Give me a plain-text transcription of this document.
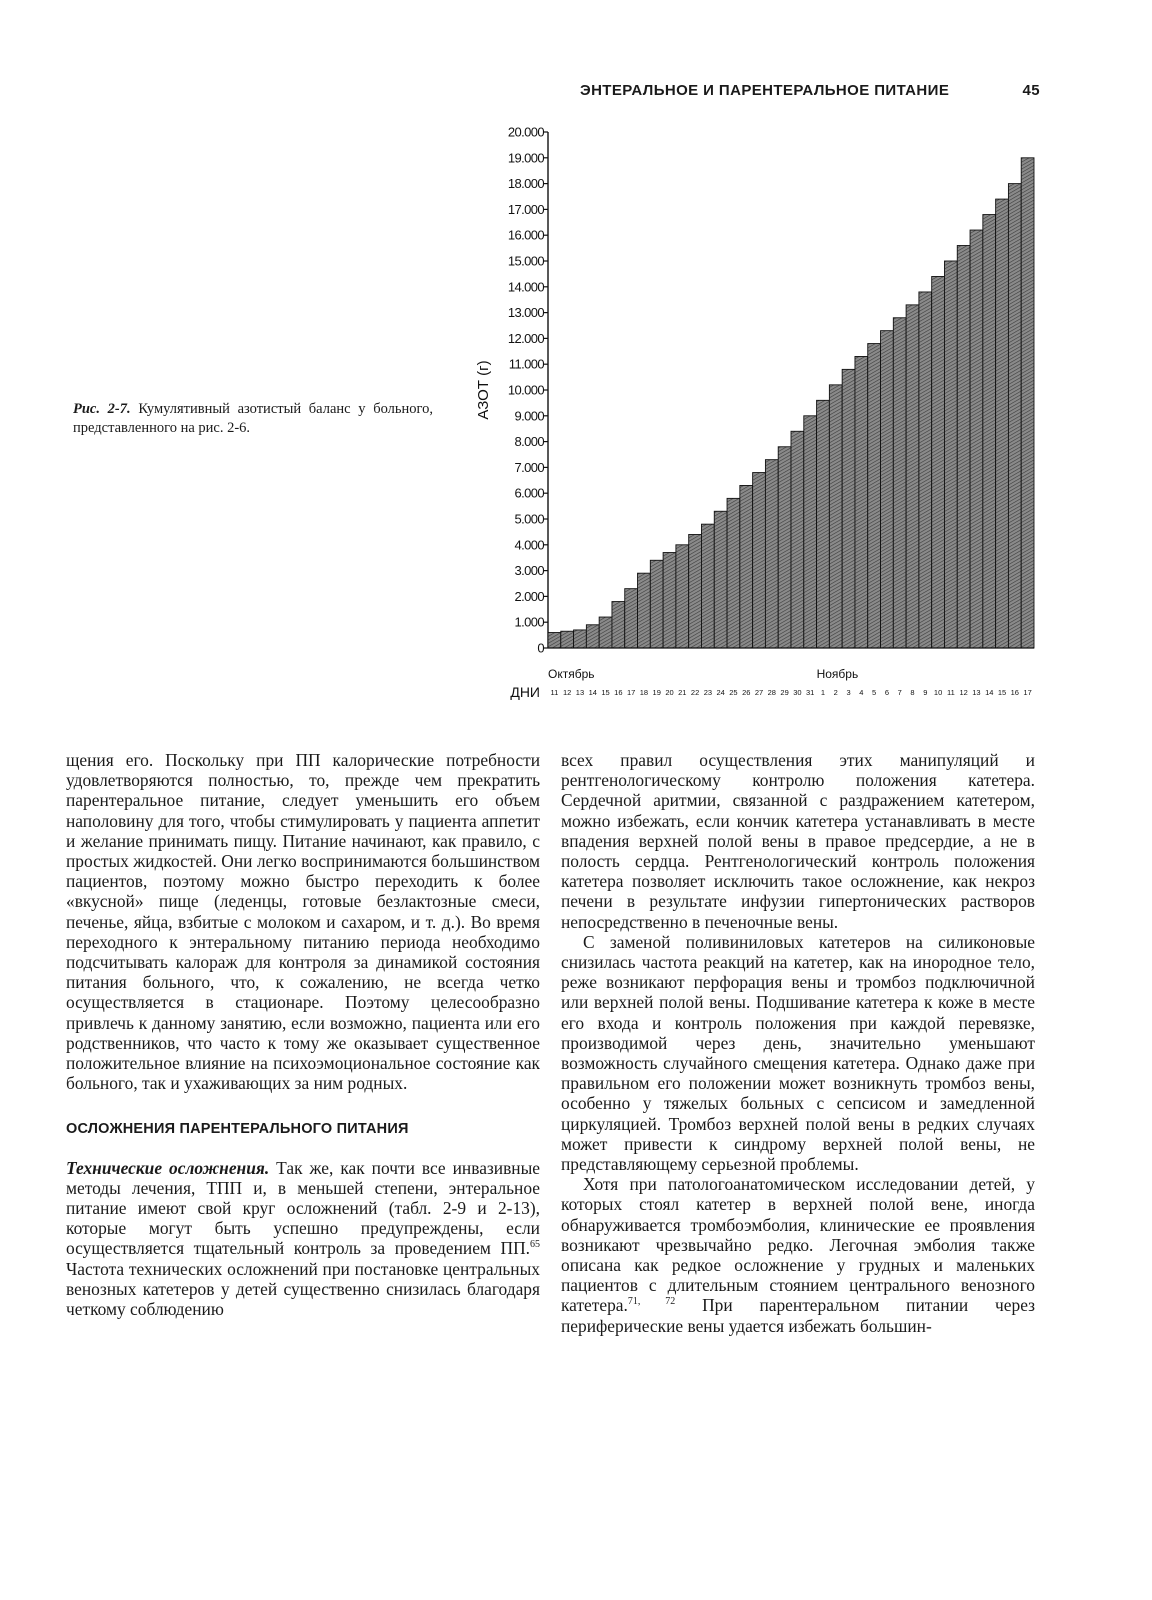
ЭНТЕРАЛЬНОЕ И ПАРЕНТЕРАЛЬНОЕ ПИТАНИЕ	45
Рис. 2-7. Кумулятивный азотистый баланс у больного, представленного на рис. 2-6.
0
1.000
2.000
3.000
4.000
5.000
6.000
7.000
8.000
9.000
10.000
11.000
12.000
13.000
14.000
15.000
16.000
17.000
18.000
19.000
20.000
АЗОТ (г)
Октябрь	Ноябрь
ДНИ 11 12 13 14 15 16 17 18 19 20 21 22 23 24 25 26 27 28 29 30 31 1 2 3 4 5 6 7 8 9 10 11 12 13 14 15 16 17

щения его. Поскольку при ПП калорические потребности удовлетворяются полностью, то, прежде чем прекратить парентеральное питание, следует уменьшить его объем наполовину для того, чтобы стимулировать у пациента аппетит и желание принимать пищу. Питание начинают, как правило, с простых жидкостей. Они легко воспринимаются большинством пациентов, поэтому можно быстро переходить к более «вкусной» пище (леденцы, готовые безлактозные смеси, печенье, яйца, взбитые с молоком и сахаром, и т. д.). Во время переходного к энтеральному питанию периода необходимо подсчитывать калораж для контроля за динамикой состояния питания больного, что, к сожалению, не всегда четко осуществляется в стационаре. Поэтому целесообразно привлечь к данному занятию, если возможно, пациента или его родственников, что часто к тому же оказывает существенное положительное влияние на психоэмоциональное состояние как больного, так и ухаживающих за ним родных.

ОСЛОЖНЕНИЯ ПАРЕНТЕРАЛЬНОГО ПИТАНИЯ

Технические осложнения. Так же, как почти все инвазивные методы лечения, ТПП и, в меньшей степени, энтеральное питание имеют свой круг осложнений (табл. 2-9 и 2-13), которые могут быть успешно предупреждены, если осуществляется тщательный контроль за проведением ПП.$^{65}$ Частота технических осложнений при постановке центральных венозных катетеров у детей существенно снизилась благодаря четкому соблюдению

всех правил осуществления этих манипуляций и рентгенологическому контролю положения катетера. Сердечной аритмии, связанной с раздражением катетером, можно избежать, если кончик катетера устанавливать в месте впадения верхней полой вены в правое предсердие, а не в полость сердца. Рентгенологический контроль положения катетера позволяет исключить такое осложнение, как некроз печени в результате инфузии гипертонических растворов непосредственно в печеночные вены.

С заменой поливиниловых катетеров на силиконовые снизилась частота реакций на катетер, как на инородное тело, реже возникают перфорация вены и тромбоз подключичной или верхней полой вены. Подшивание катетера к коже в месте его входа и контроль положения при каждой перевязке, производимой через день, значительно уменьшают возможность случайного смещения катетера. Однако даже при правильном его положении может возникнуть тромбоз вены, особенно у тяжелых больных с сепсисом и замедленной циркуляцией. Тромбоз верхней полой вены в редких случаях может привести к синдрому верхней полой вены, не представляющему серьезной проблемы.

Хотя при патологоанатомическом исследовании детей, у которых стоял катетер в верхней полой вене, иногда обнаруживается тромбоэмболия, клинические ее проявления возникают чрезвычайно редко. Легочная эмболия также описана как редкое осложнение у грудных и маленьких пациентов с длительным стоянием центрального венозного катетера.$^{71, 72}$ При парентеральном питании через периферические вены удается избежать большин-
